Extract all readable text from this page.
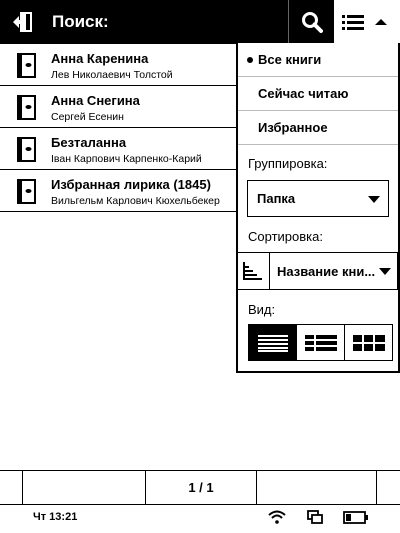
Поиск:
Анна Каренина
Лев Николаевич Толстой
Анна Снегина
Сергей Есенин
Безталанна
Іван Карпович Карпенко-Карий
Избранная лирика (1845)
Вильгельм Карлович Кюхельбекер
Все книги
Сейчас читаю
Избранное
Группировка:
Папка
Сортировка:
Название кни...
Вид:
1 / 1
Чт 13:21
